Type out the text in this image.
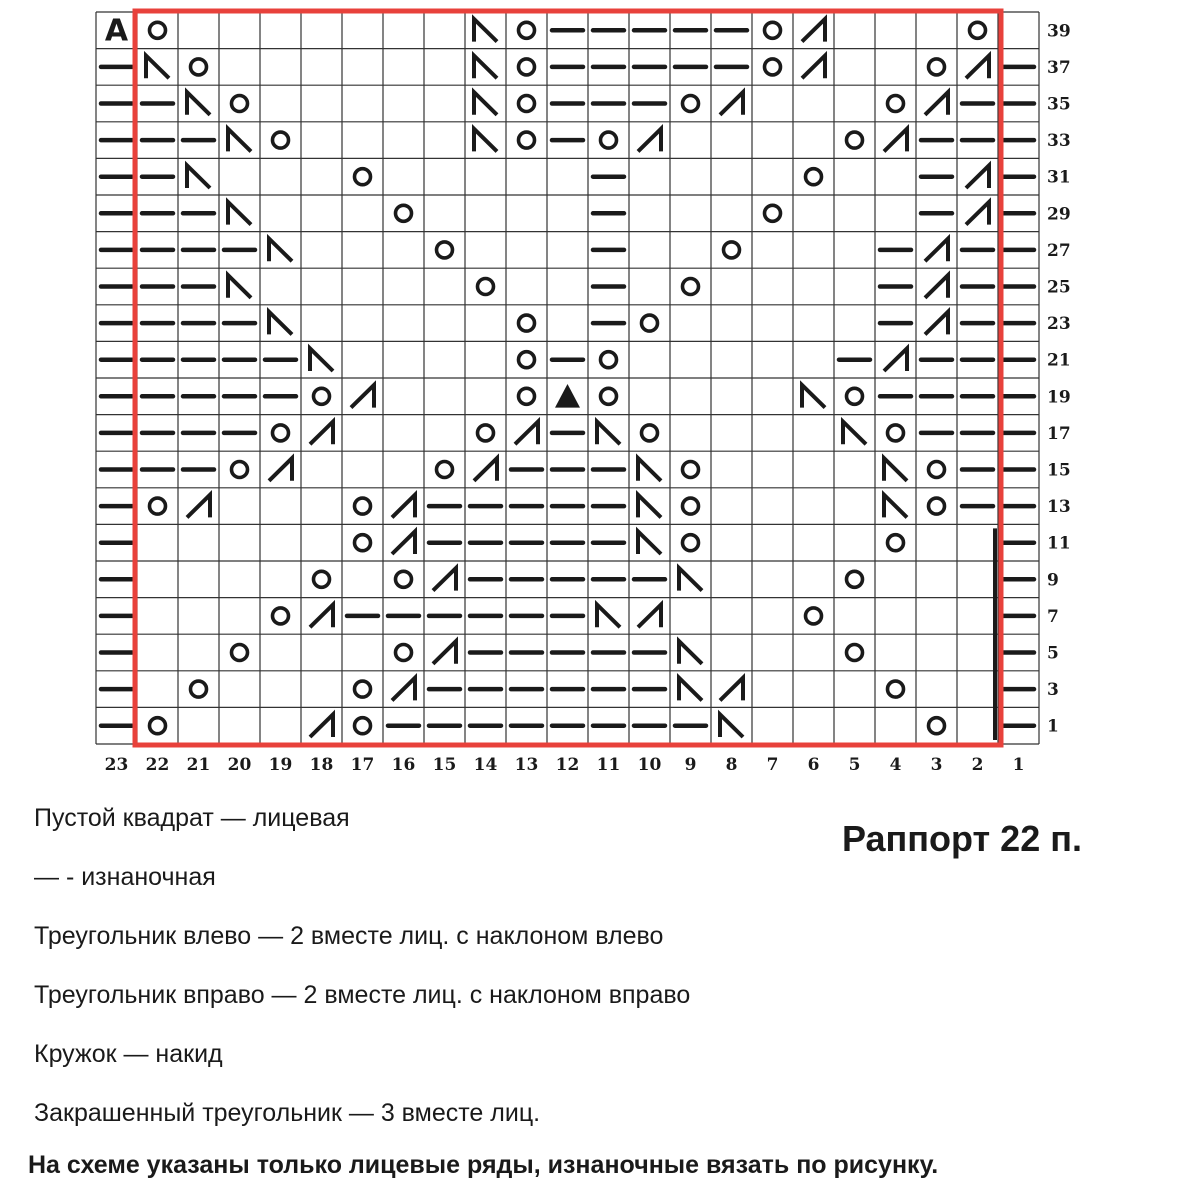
A	39
37
35
33
31
29
27
25
23
21
19
17
15
13
11
9
7
5
3
1
23 22 21 20 19 18 17 16 15 14 13 12 11 10 9 8 7 6 5 4 3 2 1
Пустой квадрат — лицевая
— - изнаночная
Треугольник влево — 2 вместе лиц. с наклоном влево
Треугольник вправо — 2 вместе лиц. с наклоном вправо
Кружок — накид
Закрашенный треугольник — 3 вместе лиц.
Раппорт 22 п.
На схеме указаны только лицевые ряды, изнаночные вязать по рисунку.
